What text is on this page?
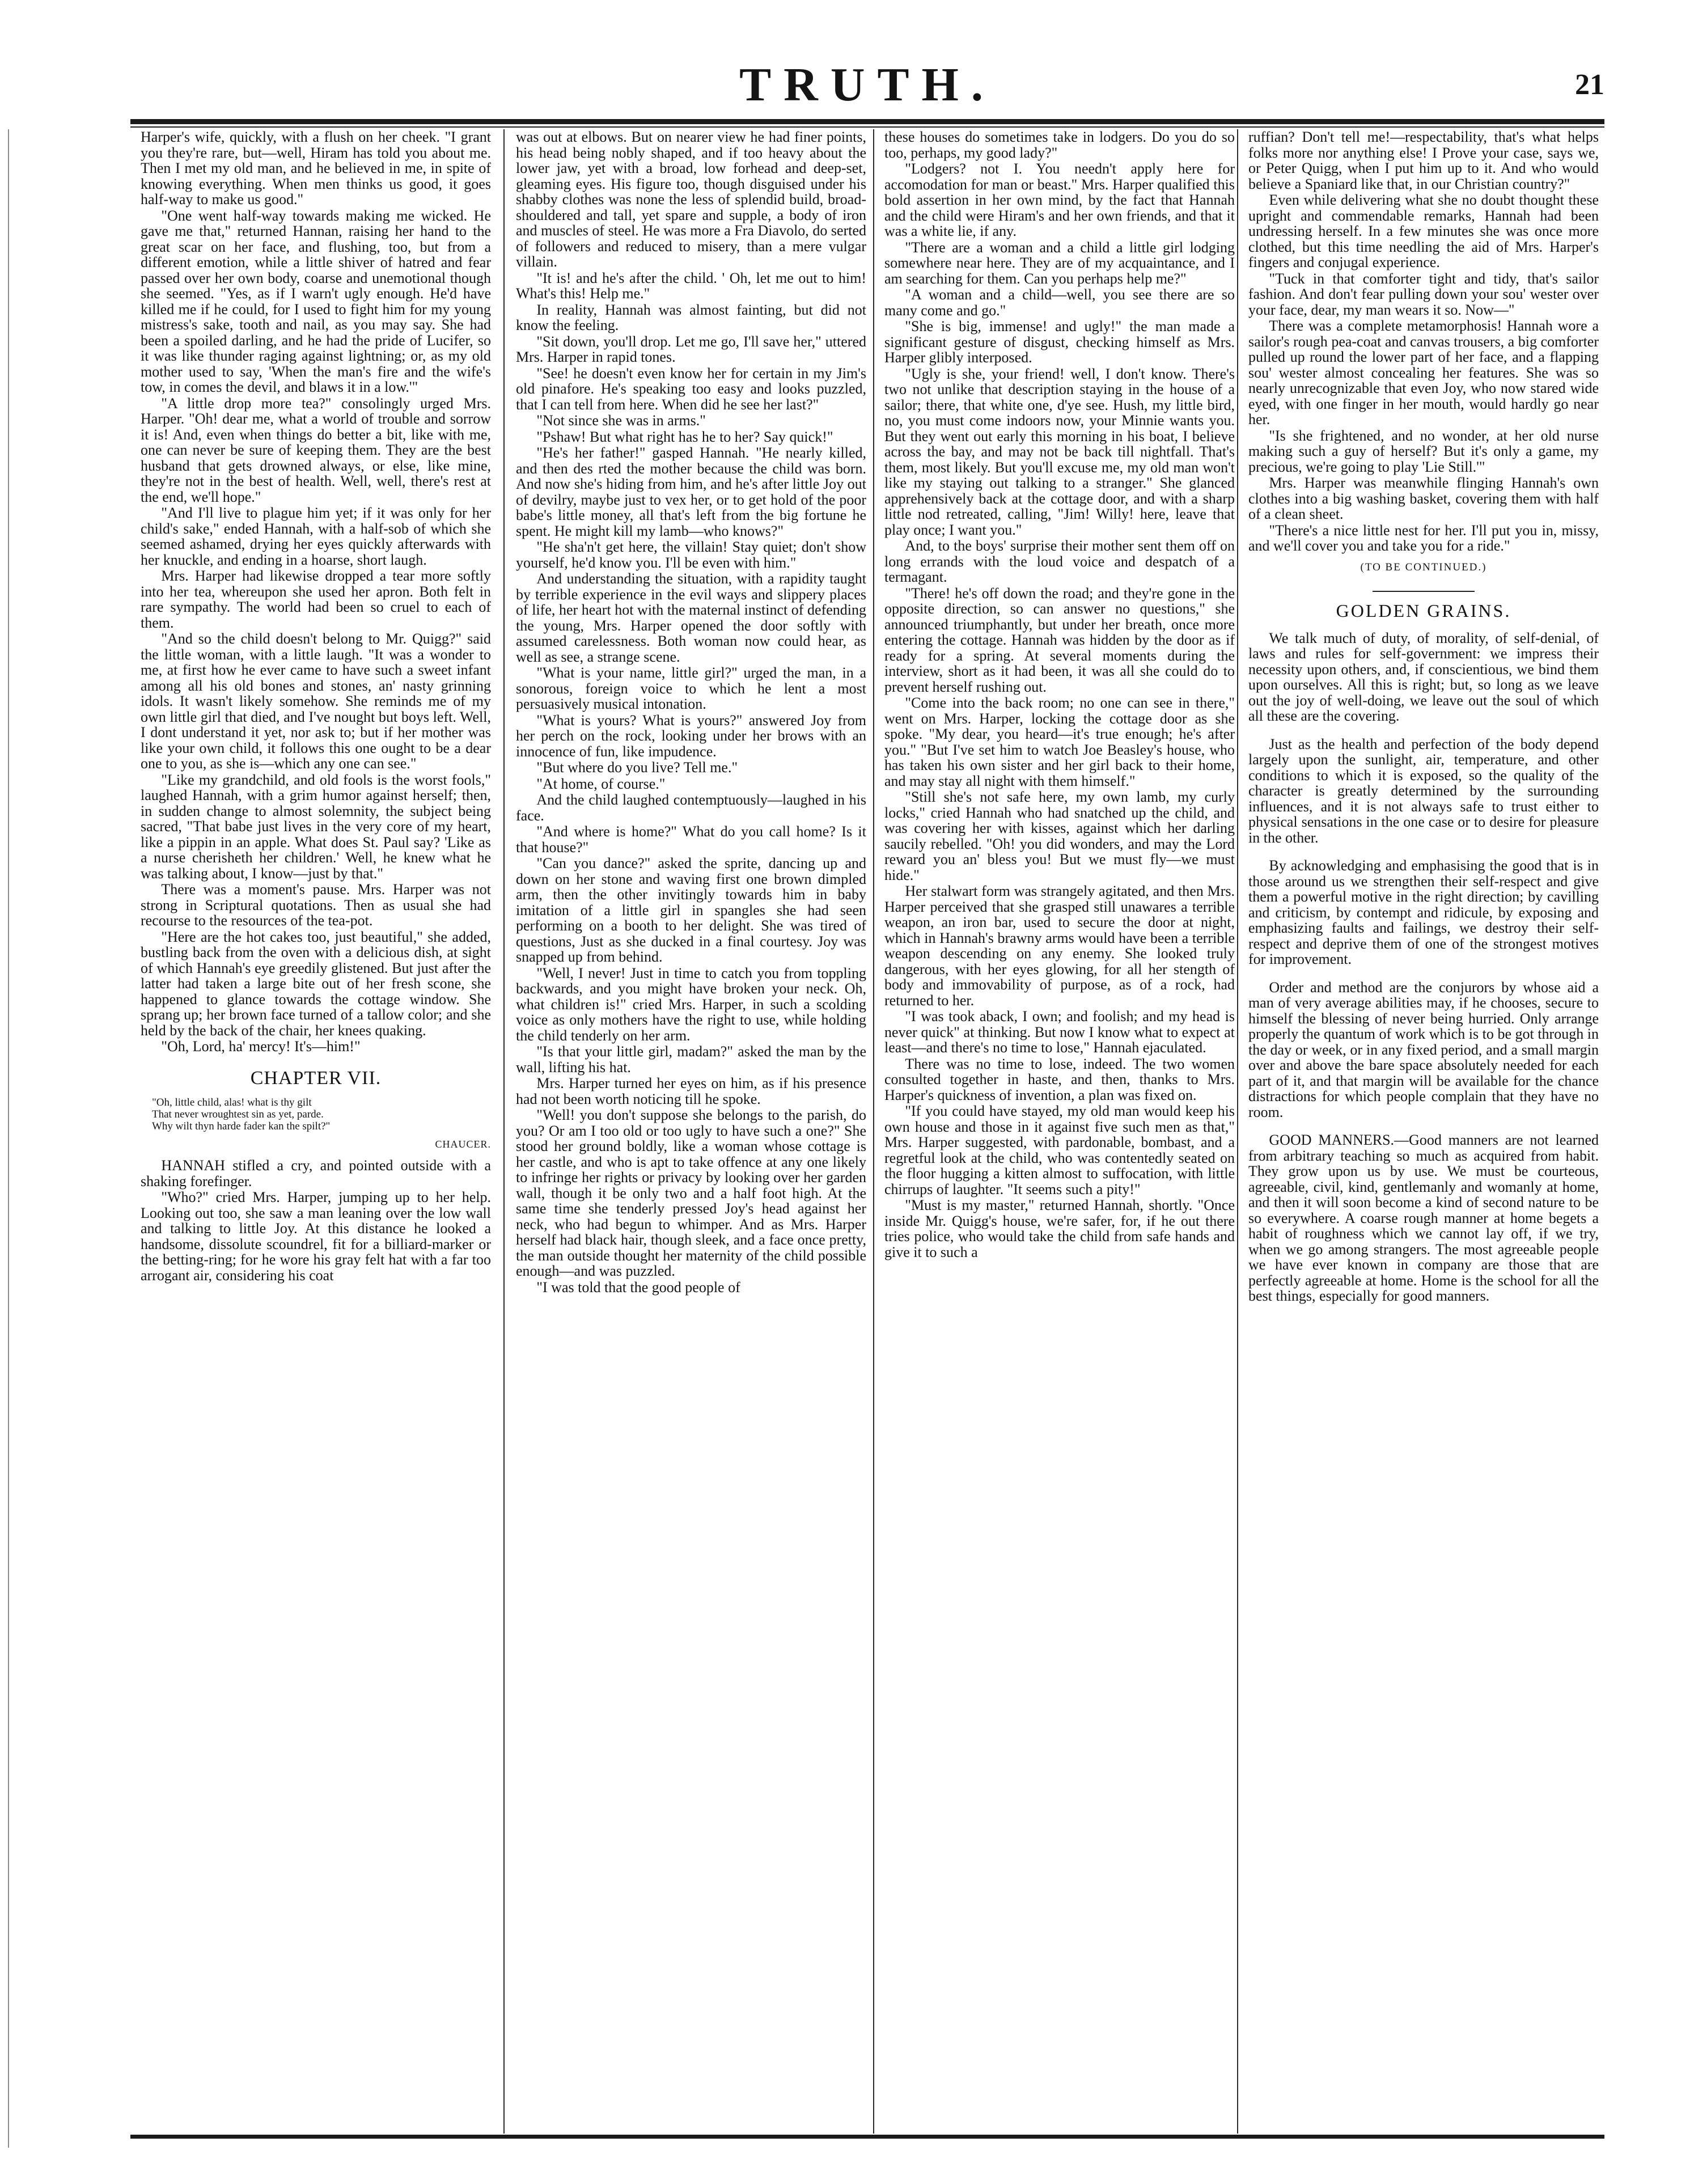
TRUTH.	21

Harper's wife, quickly, with a flush on her cheek. "I grant you they're rare, but—well, Hiram has told you about me. Then I met my old man, and he believed in me, in spite of knowing everything. When men thinks us good, it goes half-way to make us good."

"One went half-way towards making me wicked. He gave me that," returned Hannan, raising her hand to the great scar on her face, and flushing, too, but from a different emotion, while a little shiver of hatred and fear passed over her own body, coarse and unemotional though she seemed. "Yes, as if I warn't ugly enough. He'd have killed me if he could, for I used to fight him for my young mistress's sake, tooth and nail, as you may say. She had been a spoiled darling, and he had the pride of Lucifer, so it was like thunder raging against lightning; or, as my old mother used to say, 'When the man's fire and the wife's tow, in comes the devil, and blaws it in a low.'"

"A little drop more tea?" consolingly urged Mrs. Harper. "Oh! dear me, what a world of trouble and sorrow it is! And, even when things do better a bit, like with me, one can never be sure of keeping them. They are the best husband that gets drowned always, or else, like mine, they're not in the best of health. Well, well, there's rest at the end, we'll hope."

"And I'll live to plague him yet; if it was only for her child's sake," ended Hannah, with a half-sob of which she seemed ashamed, drying her eyes quickly afterwards with her knuckle, and ending in a hoarse, short laugh.

Mrs. Harper had likewise dropped a tear more softly into her tea, whereupon she used her apron. Both felt in rare sympathy. The world had been so cruel to each of them.

"And so the child doesn't belong to Mr. Quigg?" said the little woman, with a little laugh. "It was a wonder to me, at first how he ever came to have such a sweet infant among all his old bones and stones, an' nasty grinning idols. It wasn't likely somehow. She reminds me of my own little girl that died, and I've nought but boys left. Well, I dont understand it yet, nor ask to; but if her mother was like your own child, it follows this one ought to be a dear one to you, as she is—which any one can see."

"Like my grandchild, and old fools is the worst fools," laughed Hannah, with a grim humor against herself; then, in sudden change to almost solemnity, the subject being sacred, "That babe just lives in the very core of my heart, like a pippin in an apple. What does St. Paul say? 'Like as a nurse cherisheth her children.' Well, he knew what he was talking about, I know—just by that."

There was a moment's pause. Mrs. Harper was not strong in Scriptural quotations. Then as usual she had recourse to the resources of the tea-pot.

"Here are the hot cakes too, just beautiful," she added, bustling back from the oven with a delicious dish, at sight of which Hannah's eye greedily glistened. But just after the latter had taken a large bite out of her fresh scone, she happened to glance towards the cottage window. She sprang up; her brown face turned of a tallow color; and she held by the back of the chair, her knees quaking.

"Oh, Lord, ha' mercy! It's—him!"

CHAPTER VII.
"Oh, little child, alas! what is thy gilt
That never wroughtest sin as yet, parde.
Why wilt thyn harde fader kan the spilt?"
CHAUCER.

HANNAH stifled a cry, and pointed outside with a shaking forefinger.

"Who?" cried Mrs. Harper, jumping up to her help. Looking out too, she saw a man leaning over the low wall and talking to little Joy. At this distance he looked a handsome, dissolute scoundrel, fit for a billiard-marker or the betting-ring; for he wore his gray felt hat with a far too arrogant air, considering his coat

was out at elbows. But on nearer view he had finer points, his head being nobly shaped, and if too heavy about the lower jaw, yet with a broad, low forhead and deep-set, gleaming eyes. His figure too, though disguised under his shabby clothes was none the less of splendid build, broad-shouldered and tall, yet spare and supple, a body of iron and muscles of steel. He was more a Fra Diavolo, do serted of followers and reduced to misery, than a mere vulgar villain.

"It is! and he's after the child. ' Oh, let me out to him! What's this! Help me."

In reality, Hannah was almost fainting, but did not know the feeling.

"Sit down, you'll drop. Let me go, I'll save her," uttered Mrs. Harper in rapid tones.

"See! he doesn't even know her for certain in my Jim's old pinafore. He's speaking too easy and looks puzzled, that I can tell from here. When did he see her last?"

"Not since she was in arms."

"Pshaw! But what right has he to her? Say quick!"

"He's her father!" gasped Hannah. "He nearly killed, and then des rted the mother because the child was born. And now she's hiding from him, and he's after little Joy out of devilry, maybe just to vex her, or to get hold of the poor babe's little money, all that's left from the big fortune he spent. He might kill my lamb—who knows?"

"He sha'n't get here, the villain! Stay quiet; don't show yourself, he'd know you. I'll be even with him."

And understanding the situation, with a rapidity taught by terrible experience in the evil ways and slippery places of life, her heart hot with the maternal instinct of defending the young, Mrs. Harper opened the door softly with assumed carelessness. Both woman now could hear, as well as see, a strange scene.

"What is your name, little girl?" urged the man, in a sonorous, foreign voice to which he lent a most persuasively musical intonation.

"What is yours? What is yours?" answered Joy from her perch on the rock, looking under her brows with an innocence of fun, like impudence.

"But where do you live? Tell me."

"At home, of course."

And the child laughed contemptuously—laughed in his face.

"And where is home?" What do you call home? Is it that house?"

"Can you dance?" asked the sprite, dancing up and down on her stone and waving first one brown dimpled arm, then the other invitingly towards him in baby imitation of a little girl in spangles she had seen performing on a booth to her delight. She was tired of questions, Just as she ducked in a final courtesy. Joy was snapped up from behind.

"Well, I never! Just in time to catch you from toppling backwards, and you might have broken your neck. Oh, what children is!" cried Mrs. Harper, in such a scolding voice as only mothers have the right to use, while holding the child tenderly on her arm.

"Is that your little girl, madam?" asked the man by the wall, lifting his hat.

Mrs. Harper turned her eyes on him, as if his presence had not been worth noticing till he spoke.

"Well! you don't suppose she belongs to the parish, do you? Or am I too old or too ugly to have such a one?" She stood her ground boldly, like a woman whose cottage is her castle, and who is apt to take offence at any one likely to infringe her rights or privacy by looking over her garden wall, though it be only two and a half foot high. At the same time she tenderly pressed Joy's head against her neck, who had begun to whimper. And as Mrs. Harper herself had black hair, though sleek, and a face once pretty, the man outside thought her maternity of the child possible enough—and was puzzled.

"I was told that the good people of

these houses do sometimes take in lodgers. Do you do so too, perhaps, my good lady?"

"Lodgers? not I. You needn't apply here for accomodation for man or beast." Mrs. Harper qualified this bold assertion in her own mind, by the fact that Hannah and the child were Hiram's and her own friends, and that it was a white lie, if any.

"There are a woman and a child a little girl lodging somewhere near here. They are of my acquaintance, and I am searching for them. Can you perhaps help me?"

"A woman and a child—well, you see there are so many come and go."

"She is big, immense! and ugly!" the man made a significant gesture of disgust, checking himself as Mrs. Harper glibly interposed.

"Ugly is she, your friend! well, I don't know. There's two not unlike that description staying in the house of a sailor; there, that white one, d'ye see. Hush, my little bird, no, you must come indoors now, your Minnie wants you. But they went out early this morning in his boat, I believe across the bay, and may not be back till nightfall. That's them, most likely. But you'll excuse me, my old man won't like my staying out talking to a stranger." She glanced apprehensively back at the cottage door, and with a sharp little nod retreated, calling, "Jim! Willy! here, leave that play once; I want you."

And, to the boys' surprise their mother sent them off on long errands with the loud voice and despatch of a termagant.

"There! he's off down the road; and they're gone in the opposite direction, so can answer no questions," she announced triumphantly, but under her breath, once more entering the cottage. Hannah was hidden by the door as if ready for a spring. At several moments during the interview, short as it had been, it was all she could do to prevent herself rushing out.

"Come into the back room; no one can see in there," went on Mrs. Harper, locking the cottage door as she spoke. "My dear, you heard—it's true enough; he's after you." "But I've set him to watch Joe Beasley's house, who has taken his own sister and her girl back to their home, and may stay all night with them himself."

"Still she's not safe here, my own lamb, my curly locks," cried Hannah who had snatched up the child, and was covering her with kisses, against which her darling saucily rebelled. "Oh! you did wonders, and may the Lord reward you an' bless you! But we must fly—we must hide."

Her stalwart form was strangely agitated, and then Mrs. Harper perceived that she grasped still unawares a terrible weapon, an iron bar, used to secure the door at night, which in Hannah's brawny arms would have been a terrible weapon descending on any enemy. She looked truly dangerous, with her eyes glowing, for all her stength of body and immovability of purpose, as of a rock, had returned to her.

"I was took aback, I own; and foolish; and my head is never quick" at thinking. But now I know what to expect at least—and there's no time to lose," Hannah ejaculated.

There was no time to lose, indeed. The two women consulted together in haste, and then, thanks to Mrs. Harper's quickness of invention, a plan was fixed on.

"If you could have stayed, my old man would keep his own house and those in it against five such men as that," Mrs. Harper suggested, with pardonable, bombast, and a regretful look at the child, who was contentedly seated on the floor hugging a kitten almost to suffocation, with little chirrups of laughter. "It seems such a pity!"

"Must is my master," returned Hannah, shortly. "Once inside Mr. Quigg's house, we're safer, for, if he out there tries police, who would take the child from safe hands and give it to such a

ruffian? Don't tell me!—respectability, that's what helps folks more nor anything else! I Prove your case, says we, or Peter Quigg, when I put him up to it. And who would believe a Spaniard like that, in our Christian country?"

Even while delivering what she no doubt thought these upright and commendable remarks, Hannah had been undressing herself. In a few minutes she was once more clothed, but this time needling the aid of Mrs. Harper's fingers and conjugal experience.

"Tuck in that comforter tight and tidy, that's sailor fashion. And don't fear pulling down your sou' wester over your face, dear, my man wears it so. Now—"

There was a complete metamorphosis! Hannah wore a sailor's rough pea-coat and canvas trousers, a big comforter pulled up round the lower part of her face, and a flapping sou' wester almost concealing her features. She was so nearly unrecognizable that even Joy, who now stared wide eyed, with one finger in her mouth, would hardly go near her.

"Is she frightened, and no wonder, at her old nurse making such a guy of herself? But it's only a game, my precious, we're going to play 'Lie Still.'"

Mrs. Harper was meanwhile flinging Hannah's own clothes into a big washing basket, covering them with half of a clean sheet.

"There's a nice little nest for her. I'll put you in, missy, and we'll cover you and take you for a ride."

(TO BE CONTINUED.)
GOLDEN GRAINS.

We talk much of duty, of morality, of self-denial, of laws and rules for self-government: we impress their necessity upon others, and, if conscientious, we bind them upon ourselves. All this is right; but, so long as we leave out the joy of well-doing, we leave out the soul of which all these are the covering.

Just as the health and perfection of the body depend largely upon the sunlight, air, temperature, and other conditions to which it is exposed, so the quality of the character is greatly determined by the surrounding influences, and it is not always safe to trust either to physical sensations in the one case or to desire for pleasure in the other.

By acknowledging and emphasising the good that is in those around us we strengthen their self-respect and give them a powerful motive in the right direction; by cavilling and criticism, by contempt and ridicule, by exposing and emphasizing faults and failings, we destroy their self-respect and deprive them of one of the strongest motives for improvement.

Order and method are the conjurors by whose aid a man of very average abilities may, if he chooses, secure to himself the blessing of never being hurried. Only arrange properly the quantum of work which is to be got through in the day or week, or in any fixed period, and a small margin over and above the bare space absolutely needed for each part of it, and that margin will be available for the chance distractions for which people complain that they have no room.

GOOD MANNERS.—Good manners are not learned from arbitrary teaching so much as acquired from habit. They grow upon us by use. We must be courteous, agreeable, civil, kind, gentlemanly and womanly at home, and then it will soon become a kind of second nature to be so everywhere. A coarse rough manner at home begets a habit of roughness which we cannot lay off, if we try, when we go among strangers. The most agreeable people we have ever known in company are those that are perfectly agreeable at home. Home is the school for all the best things, especially for good manners.
